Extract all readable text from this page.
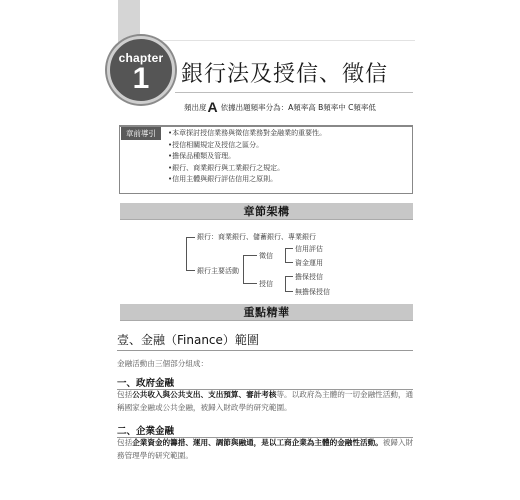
chapter
1	銀行法及授信、徵信
頻出度A 依據出題頻率分為：A頻率高 B頻率中 C頻率低
章前導引
•	本章探討授信業務與徵信業務對金融業的重要性。
• 授信相關規定及授信之區分。
• 擔保品種類及管理。
• 銀行、商業銀行與工業銀行之規定。
• 信用主體與銀行評估信用之原則。
章節架構
銀行：商業銀行、儲蓄銀行、專業銀行
銀行主要活動
徵信
授信
信用評估
資金運用
擔保授信
無擔保授信
重點精華
壹、金融（Finance）範圍
金融活動由三個部分組成：
一、政府金融
包括公共收入與公共支出、支出預算、審計考核等。以政府為主體的一切金融性活動，通稱國家金融或公共金融，被歸入財政學的研究範圍。
二、企業金融
包括企業資金的籌措、運用、調節與融通，是以工商企業為主體的金融性活動。被歸入財務管理學的研究範圍。
